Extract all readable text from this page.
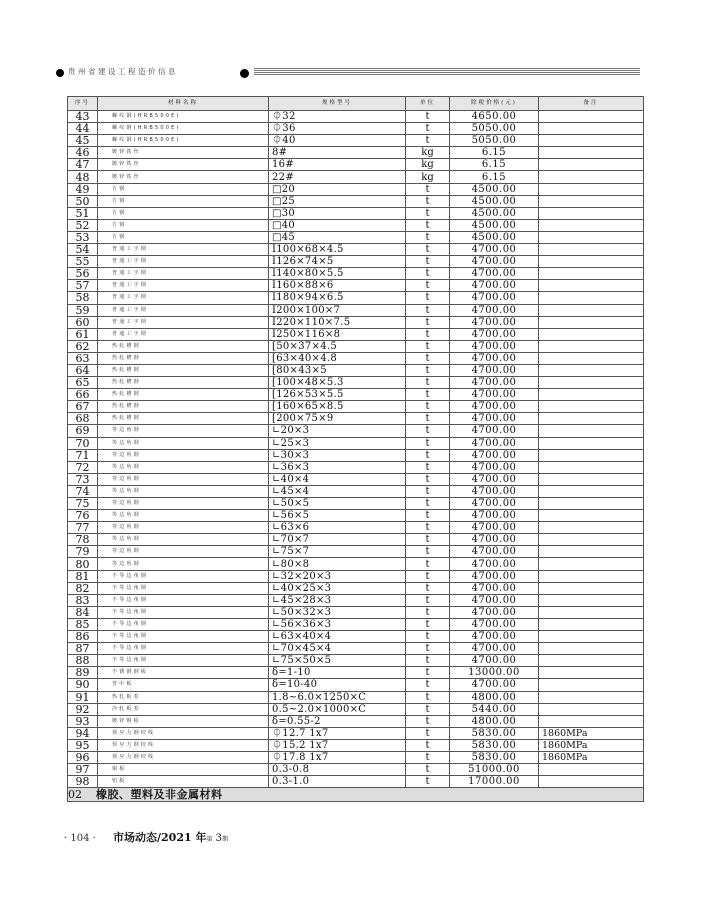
贵州省建设工程造价信息
序号	材料名称	规格型号	单位	除税价格(元)	备注
43	螺纹钢(HRB500E)	⏀32	t	4650.00	
44	螺纹钢(HRB500E)	⏀36	t	5050.00	
45	螺纹钢(HRB500E)	⏀40	t	5050.00	
46	镀锌铁丝	8#	kg	6.15	
47	镀锌铁丝	16#	kg	6.15	
48	镀锌铁丝	22#	kg	6.15	
49	方钢	□20	t	4500.00	
50	方钢	□25	t	4500.00	
51	方钢	□30	t	4500.00	
52	方钢	□40	t	4500.00	
53	方钢	□45	t	4500.00	
54	普通工字钢	I100×68×4.5	t	4700.00	
55	普通工字钢	I126×74×5	t	4700.00	
56	普通工字钢	I140×80×5.5	t	4700.00	
57	普通工字钢	I160×88×6	t	4700.00	
58	普通工字钢	I180×94×6.5	t	4700.00	
59	普通工字钢	I200×100×7	t	4700.00	
60	普通工字钢	I220×110×7.5	t	4700.00	
61	普通工字钢	I250×116×8	t	4700.00	
62	热轧槽钢	[50×37×4.5	t	4700.00	
63	热轧槽钢	[63×40×4.8	t	4700.00	
64	热轧槽钢	[80×43×5	t	4700.00	
65	热轧槽钢	[100×48×5.3	t	4700.00	
66	热轧槽钢	[126×53×5.5	t	4700.00	
67	热轧槽钢	[160×65×8.5	t	4700.00	
68	热轧槽钢	[200×75×9	t	4700.00	
69	等边角钢	∟20×3	t	4700.00	
70	等边角钢	∟25×3	t	4700.00	
71	等边角钢	∟30×3	t	4700.00	
72	等边角钢	∟36×3	t	4700.00	
73	等边角钢	∟40×4	t	4700.00	
74	等边角钢	∟45×4	t	4700.00	
75	等边角钢	∟50×5	t	4700.00	
76	等边角钢	∟56×5	t	4700.00	
77	等边角钢	∟63×6	t	4700.00	
78	等边角钢	∟70×7	t	4700.00	
79	等边角钢	∟75×7	t	4700.00	
80	等边角钢	∟80×8	t	4700.00	
81	不等边角钢	∟32×20×3	t	4700.00	
82	不等边角钢	∟40×25×3	t	4700.00	
83	不等边角钢	∟45×28×3	t	4700.00	
84	不等边角钢	∟50×32×3	t	4700.00	
85	不等边角钢	∟56×36×3	t	4700.00	
86	不等边角钢	∟63×40×4	t	4700.00	
87	不等边角钢	∟70×45×4	t	4700.00	
88	不等边角钢	∟75×50×5	t	4700.00	
89	不锈钢钢板	δ=1-10	t	13000.00	
90	普中板	δ=10-40	t	4700.00	
91	热轧板卷	1.8~6.0×1250×C	t	4800.00	
92	冷轧板卷	0.5~2.0×1000×C	t	5440.00	
93	镀锌钢板	δ=0.55-2	t	4800.00	
94	预应力钢绞线	⏀12.7 1x7	t	5830.00	1860MPa
95	预应力钢绞线	⏀15.2 1x7	t	5830.00	1860MPa
96	预应力钢绞线	⏀17.8 1x7	t	5830.00	1860MPa
97	铜板	0.3-0.8	t	51000.00	
98	铝板	0.3-1.0	t	17000.00	
02 橡胶、塑料及非金属材料					
· 104 · 市场动态/2021 年第 3期
